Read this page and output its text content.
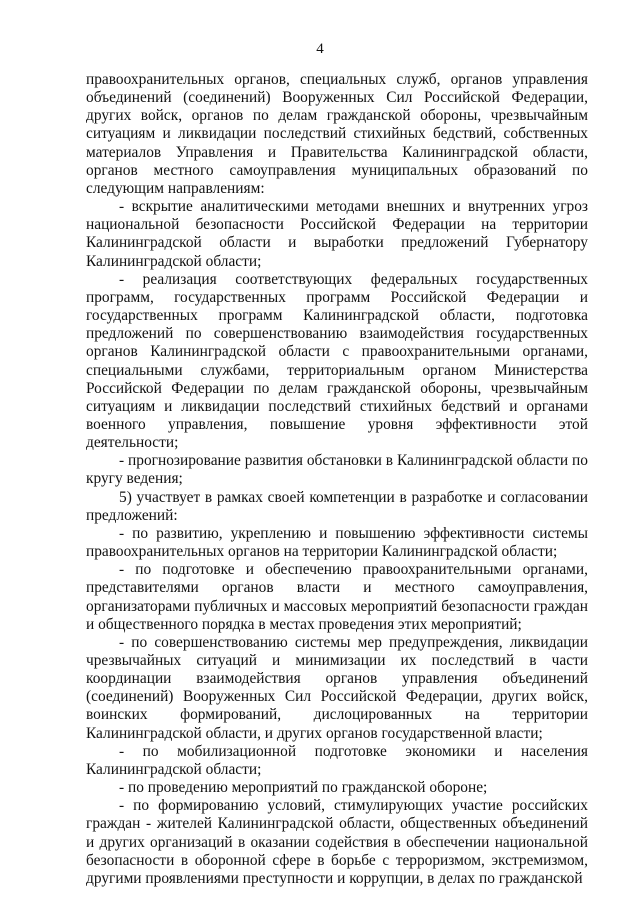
4

правоохранительных органов, специальных служб, органов управления объединений (соединений) Вооруженных Сил Российской Федерации, других войск, органов по делам гражданской обороны, чрезвычайным ситуациям и ликвидации последствий стихийных бедствий, собственных материалов Управления и Правительства Калининградской области, органов местного самоуправления муниципальных образований по следующим направлениям:

- вскрытие аналитическими методами внешних и внутренних угроз национальной безопасности Российской Федерации на территории Калининградской области и выработки предложений Губернатору Калининградской области;

- реализация соответствующих федеральных государственных программ, государственных программ Российской Федерации и государственных программ Калининградской области, подготовка предложений по совершенствованию взаимодействия государственных органов Калининградской области с правоохранительными органами, специальными службами, территориальным органом Министерства Российской Федерации по делам гражданской обороны, чрезвычайным ситуациям и ликвидации последствий стихийных бедствий и органами военного управления, повышение уровня эффективности этой деятельности;

- прогнозирование развития обстановки в Калининградской области по кругу ведения;

5) участвует в рамках своей компетенции в разработке и согласовании предложений:

- по развитию, укреплению и повышению эффективности системы правоохранительных органов на территории Калининградской области;

- по подготовке и обеспечению правоохранительными органами, представителями органов власти и местного самоуправления, организаторами публичных и массовых мероприятий безопасности граждан и общественного порядка в местах проведения этих мероприятий;

- по совершенствованию системы мер предупреждения, ликвидации чрезвычайных ситуаций и минимизации их последствий в части координации взаимодействия органов управления объединений (соединений) Вооруженных Сил Российской Федерации, других войск, воинских формирований, дислоцированных на территории Калининградской области, и других органов государственной власти;

- по мобилизационной подготовке экономики и населения Калининградской области;

- по проведению мероприятий по гражданской обороне;

- по формированию условий, стимулирующих участие российских граждан - жителей Калининградской области, общественных объединений и других организаций в оказании содействия в обеспечении национальной безопасности в оборонной сфере в борьбе с терроризмом, экстремизмом, другими проявлениями преступности и коррупции, в делах по гражданской
